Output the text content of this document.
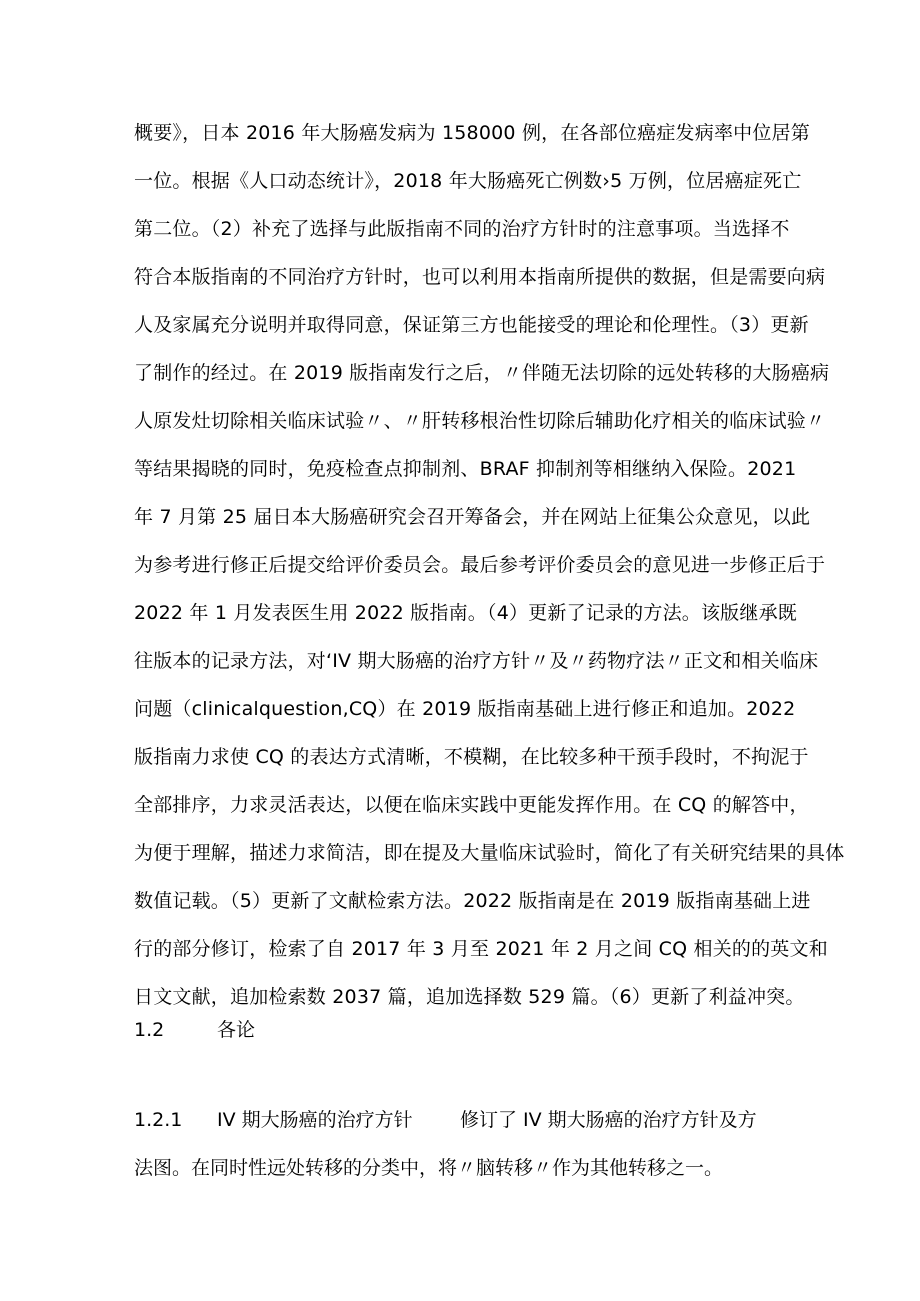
概要》，日本 2016 年大肠癌发病为 158000 例，在各部位癌症发病率中位居第
一位。根据《人口动态统计》，2018 年大肠癌死亡例数›5 万例，位居癌症死亡
第二位。（2）补充了选择与此版指南不同的治疗方针时的注意事项。当选择不
符合本版指南的不同治疗方针时，也可以利用本指南所提供的数据，但是需要向病
人及家属充分说明并取得同意，保证第三方也能接受的理论和伦理性。（3）更新
了制作的经过。在 2019 版指南发行之后，〃伴随无法切除的远处转移的大肠癌病
人原发灶切除相关临床试验〃、〃肝转移根治性切除后辅助化疗相关的临床试验〃
等结果揭晓的同时，免疫检查点抑制剂、BRAF 抑制剂等相继纳入保险。2021
年 7 月第 25 届日本大肠癌研究会召开筹备会，并在网站上征集公众意见，以此
为参考进行修正后提交给评价委员会。最后参考评价委员会的意见进一步修正后于
2022 年 1 月发表医生用 2022 版指南。（4）更新了记录的方法。该版继承既
往版本的记录方法，对‘IV 期大肠癌的治疗方针〃及〃药物疗法〃正文和相关临床
问题（clinicalquestion,CQ）在 2019 版指南基础上进行修正和追加。2022
版指南力求使 CQ 的表达方式清晰，不模糊，在比较多种干预手段时，不拘泥于
全部排序，力求灵活表达，以便在临床实践中更能发挥作用。在 CQ 的解答中，
为便于理解，描述力求简洁，即在提及大量临床试验时，简化了有关研究结果的具体
数值记载。（5）更新了文献检索方法。2022 版指南是在 2019 版指南基础上进
行的部分修订，检索了自 2017 年 3 月至 2021 年 2 月之间 CQ 相关的的英文和
日文文献，追加检索数 2037 篇，追加选择数 529 篇。（6）更新了利益冲突。
1.2	各论
1.2.1 IV 期大肠癌的治疗方针 修订了 IV 期大肠癌的治疗方针及方
法图。在同时性远处转移的分类中，将〃脑转移〃作为其他转移之一。
